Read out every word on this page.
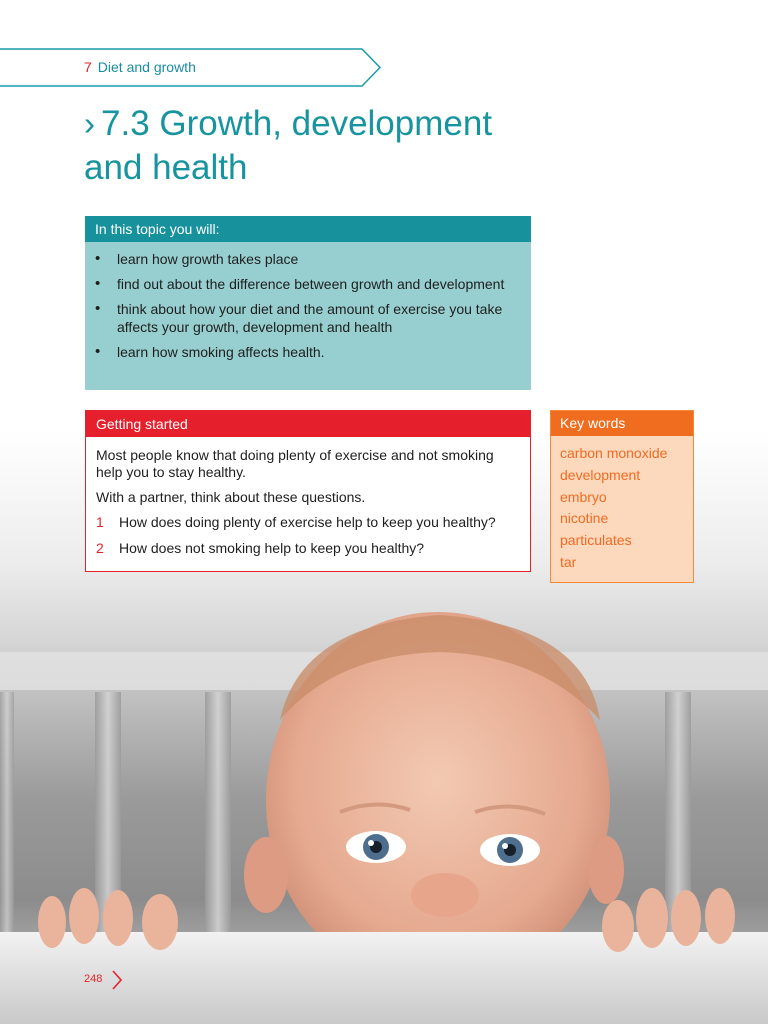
7 Diet and growth
› 7.3 Growth, development
and health
In this topic you will:
• learn how growth takes place
• find out about the difference between growth and development
• think about how your diet and the amount of exercise you take affects your growth, development and health
• learn how smoking affects health.
Getting started

Most people know that doing plenty of exercise and not smoking help you to stay healthy.

With a partner, think about these questions.

1 How does doing plenty of exercise help to keep you healthy?
2 How does not smoking help to keep you healthy?
Key words
carbon monoxide
development
embryo
nicotine
particulates
tar
248
